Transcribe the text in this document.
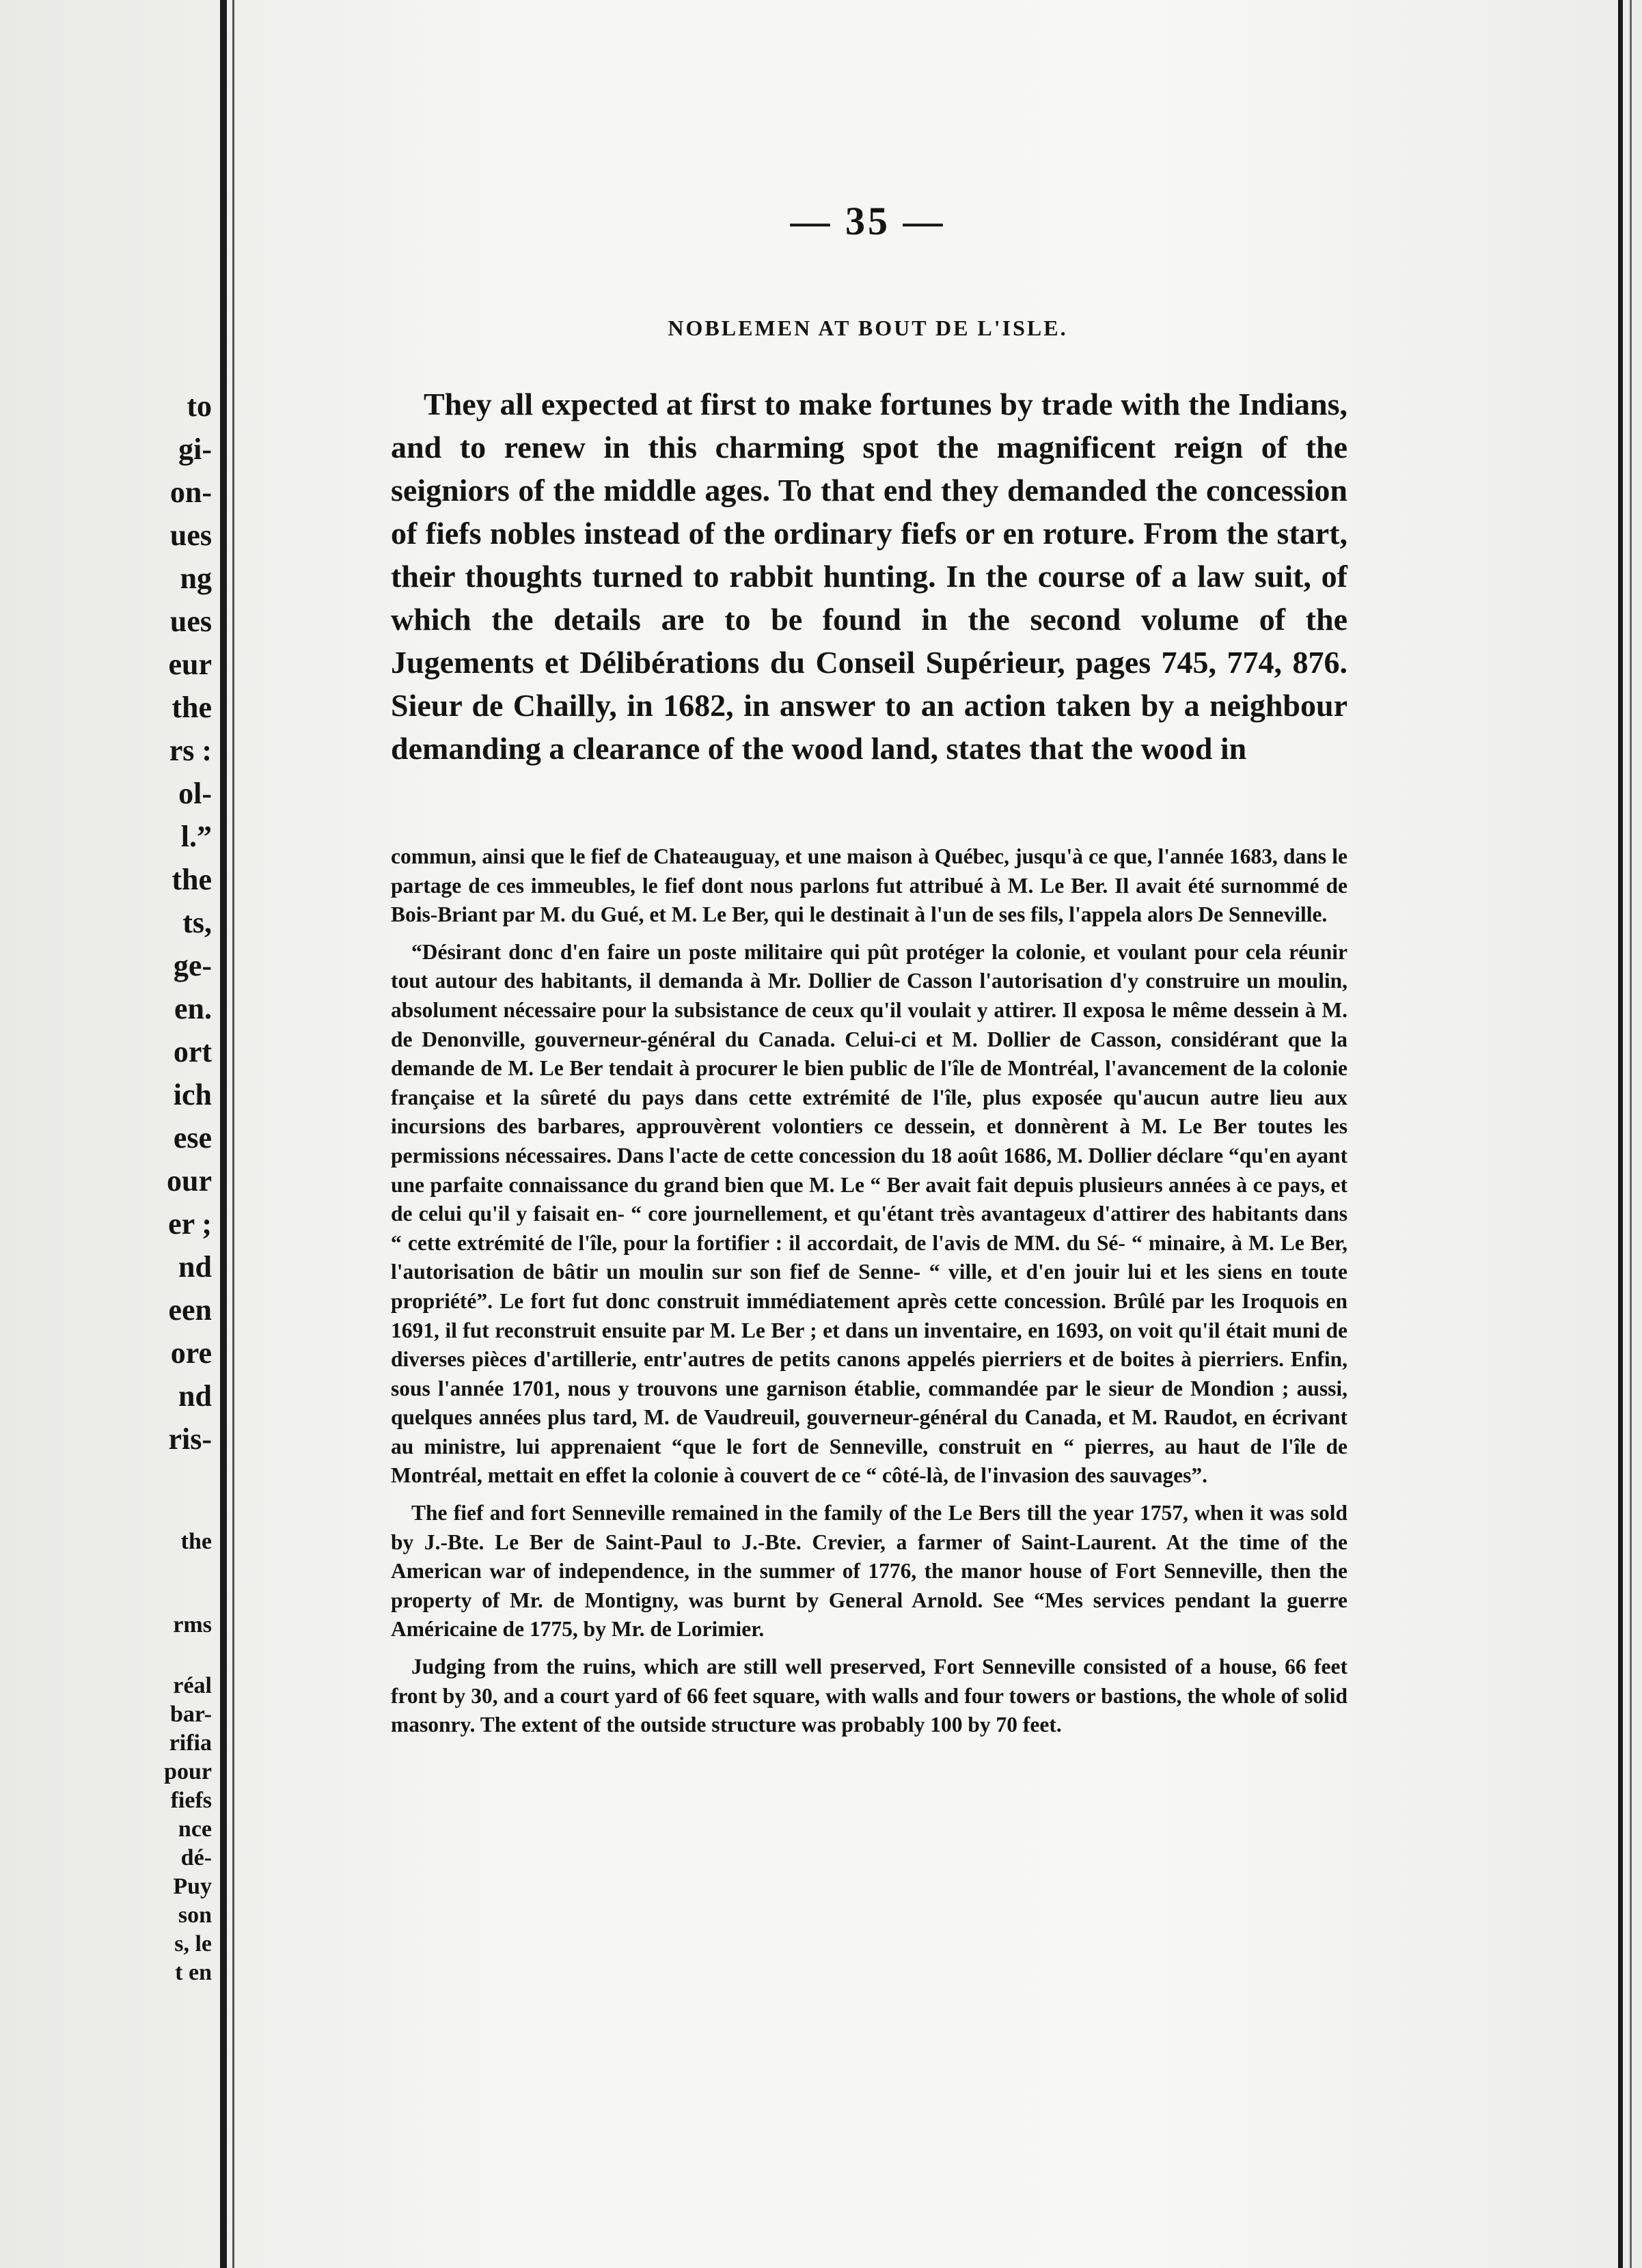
to
gi-
on-
ues
ng
ues
eur
the
rs :
ol-
l.”
the
ts,
ge-
en.
ort
ich
ese
our
er ;
nd
een
ore
nd
ris-
the
rms
réal
bar-
rifia
pour
fiefs
nce
dé-
Puy
son
s, le
t en
— 35 —
NOBLEMEN AT BOUT DE L'ISLE.

They all expected at first to make fortunes by trade with the Indians, and to renew in this charming spot the magnificent reign of the seigniors of the middle ages. To that end they demanded the concession of fiefs nobles instead of the ordinary fiefs or en roture. From the start, their thoughts turned to rabbit hunting. In the course of a law suit, of which the details are to be found in the second volume of the Jugements et Délibérations du Conseil Supérieur, pages 745, 774, 876. Sieur de Chailly, in 1682, in answer to an action taken by a neighbour demanding a clearance of the wood land, states that the wood in

commun, ainsi que le fief de Chateauguay, et une maison à Québec, jusqu'à ce que, l'année 1683, dans le partage de ces immeubles, le fief dont nous parlons fut attribué à M. Le Ber. Il avait été surnommé de Bois-Briant par M. du Gué, et M. Le Ber, qui le destinait à l'un de ses fils, l'appela alors De Senneville.

“Désirant donc d'en faire un poste militaire qui pût protéger la colonie, et voulant pour cela réunir tout autour des habitants, il demanda à Mr. Dollier de Casson l'autorisation d'y construire un moulin, absolument nécessaire pour la subsistance de ceux qu'il voulait y attirer. Il exposa le même dessein à M. de Denonville, gouverneur-général du Canada. Celui-ci et M. Dollier de Casson, considérant que la demande de M. Le Ber tendait à procurer le bien public de l'île de Montréal, l'avancement de la colonie française et la sûreté du pays dans cette extrémité de l'île, plus exposée qu'aucun autre lieu aux incursions des barbares, approuvèrent volontiers ce dessein, et donnèrent à M. Le Ber toutes les permissions nécessaires. Dans l'acte de cette concession du 18 août 1686, M. Dollier déclare “qu'en ayant une parfaite connaissance du grand bien que M. Le “ Ber avait fait depuis plusieurs années à ce pays, et de celui qu'il y faisait en- “ core journellement, et qu'étant très avantageux d'attirer des habitants dans “ cette extrémité de l'île, pour la fortifier : il accordait, de l'avis de MM. du Sé- “ minaire, à M. Le Ber, l'autorisation de bâtir un moulin sur son fief de Senne- “ ville, et d'en jouir lui et les siens en toute propriété”. Le fort fut donc construit immédiatement après cette concession. Brûlé par les Iroquois en 1691, il fut reconstruit ensuite par M. Le Ber ; et dans un inventaire, en 1693, on voit qu'il était muni de diverses pièces d'artillerie, entr'autres de petits canons appelés pierriers et de boites à pierriers. Enfin, sous l'année 1701, nous y trouvons une garnison établie, commandée par le sieur de Mondion ; aussi, quelques années plus tard, M. de Vaudreuil, gouverneur-général du Canada, et M. Raudot, en écrivant au ministre, lui apprenaient “que le fort de Senneville, construit en “ pierres, au haut de l'île de Montréal, mettait en effet la colonie à couvert de ce “ côté-là, de l'invasion des sauvages”.

The fief and fort Senneville remained in the family of the Le Bers till the year 1757, when it was sold by J.-Bte. Le Ber de Saint-Paul to J.-Bte. Crevier, a farmer of Saint-Laurent. At the time of the American war of independence, in the summer of 1776, the manor house of Fort Senneville, then the property of Mr. de Montigny, was burnt by General Arnold. See “Mes services pendant la guerre Américaine de 1775, by Mr. de Lorimier.

Judging from the ruins, which are still well preserved, Fort Senneville consisted of a house, 66 feet front by 30, and a court yard of 66 feet square, with walls and four towers or bastions, the whole of solid masonry. The extent of the outside structure was probably 100 by 70 feet.
